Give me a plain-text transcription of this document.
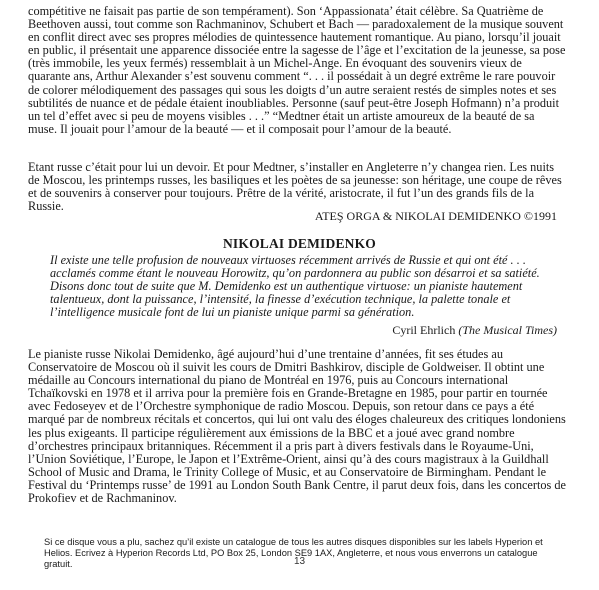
compétitive ne faisait pas partie de son tempérament). Son ‘Appassionata’ était célèbre. Sa Quatrième de Beethoven aussi, tout comme son Rachmaninov, Schubert et Bach — paradoxalement de la musique souvent en conflit direct avec ses propres mélodies de quintessence hautement romantique. Au piano, lorsqu’il jouait en public, il présentait une apparence dissociée entre la sagesse de l’âge et l’excitation de la jeunesse, sa pose (très immobile, les yeux fermés) ressemblait à un Michel-Ange. En évoquant des souvenirs vieux de quarante ans, Arthur Alexander s’est souvenu comment “. . . il possédait à un degré extrême le rare pouvoir de colorer mélodiquement des passages qui sous les doigts d’un autre seraient restés de simples notes et ses subtilités de nuance et de pédale étaient inoubliables. Personne (sauf peut-être Joseph Hofmann) n’a produit un tel d’effet avec si peu de moyens visibles . . .” “Medtner était un artiste amoureux de la beauté de sa muse. Il jouait pour l’amour de la beauté — et il composait pour l’amour de la beauté.

Etant russe c’était pour lui un devoir. Et pour Medtner, s’installer en Angleterre n’y changea rien. Les nuits de Moscou, les printemps russes, les basiliques et les poètes de sa jeunesse: son héritage, une coupe de rêves et de souvenirs à conserver pour toujours. Prêtre de la vérité, aristocrate, il fut l’un des grands fils de la Russie.

ATEŞ ORGA & NIKOLAI DEMIDENKO ©1991

NIKOLAI DEMIDENKO

Il existe une telle profusion de nouveaux virtuoses récemment arrivés de Russie et qui ont été . . . acclamés comme étant le nouveau Horowitz, qu’on pardonnera au public son désarroi et sa satiété. Disons donc tout de suite que M. Demidenko est un authentique virtuose: un pianiste hautement talentueux, dont la puissance, l’intensité, la finesse d’exécution technique, la palette tonale et l’intelligence musicale font de lui un pianiste unique parmi sa génération.

Cyril Ehrlich (The Musical Times)

Le pianiste russe Nikolai Demidenko, âgé aujourd’hui d’une trentaine d’années, fit ses études au Conservatoire de Moscou où il suivit les cours de Dmitri Bashkirov, disciple de Goldweiser. Il obtint une médaille au Concours international du piano de Montréal en 1976, puis au Concours international Tchaïkovski en 1978 et il arriva pour la première fois en Grande-Bretagne en 1985, pour partir en tournée avec Fedoseyev et de l’Orchestre symphonique de radio Moscou. Depuis, son retour dans ce pays a été marqué par de nombreux récitals et concertos, qui lui ont valu des éloges chaleureux des critiques londoniens les plus exigeants. Il participe régulièrement aux émissions de la BBC et a joué avec grand nombre d’orchestres principaux britanniques. Récemment il a pris part à divers festivals dans le Royaume-Uni, l’Union Soviétique, l’Europe, le Japon et l’Extrême-Orient, ainsi qu’à des cours magistraux à la Guildhall School of Music and Drama, le Trinity College of Music, et au Conservatoire de Birmingham. Pendant le Festival du ‘Printemps russe’ de 1991 au London South Bank Centre, il parut deux fois, dans les concertos de Prokofiev et de Rachmaninov.

Si ce disque vous a plu, sachez qu’il existe un catalogue de tous les autres disques disponibles sur les labels Hyperion et Helios. Ecrivez à Hyperion Records Ltd, PO Box 25, London SE9 1AX, Angleterre, et nous vous enverrons un catalogue gratuit.	13
